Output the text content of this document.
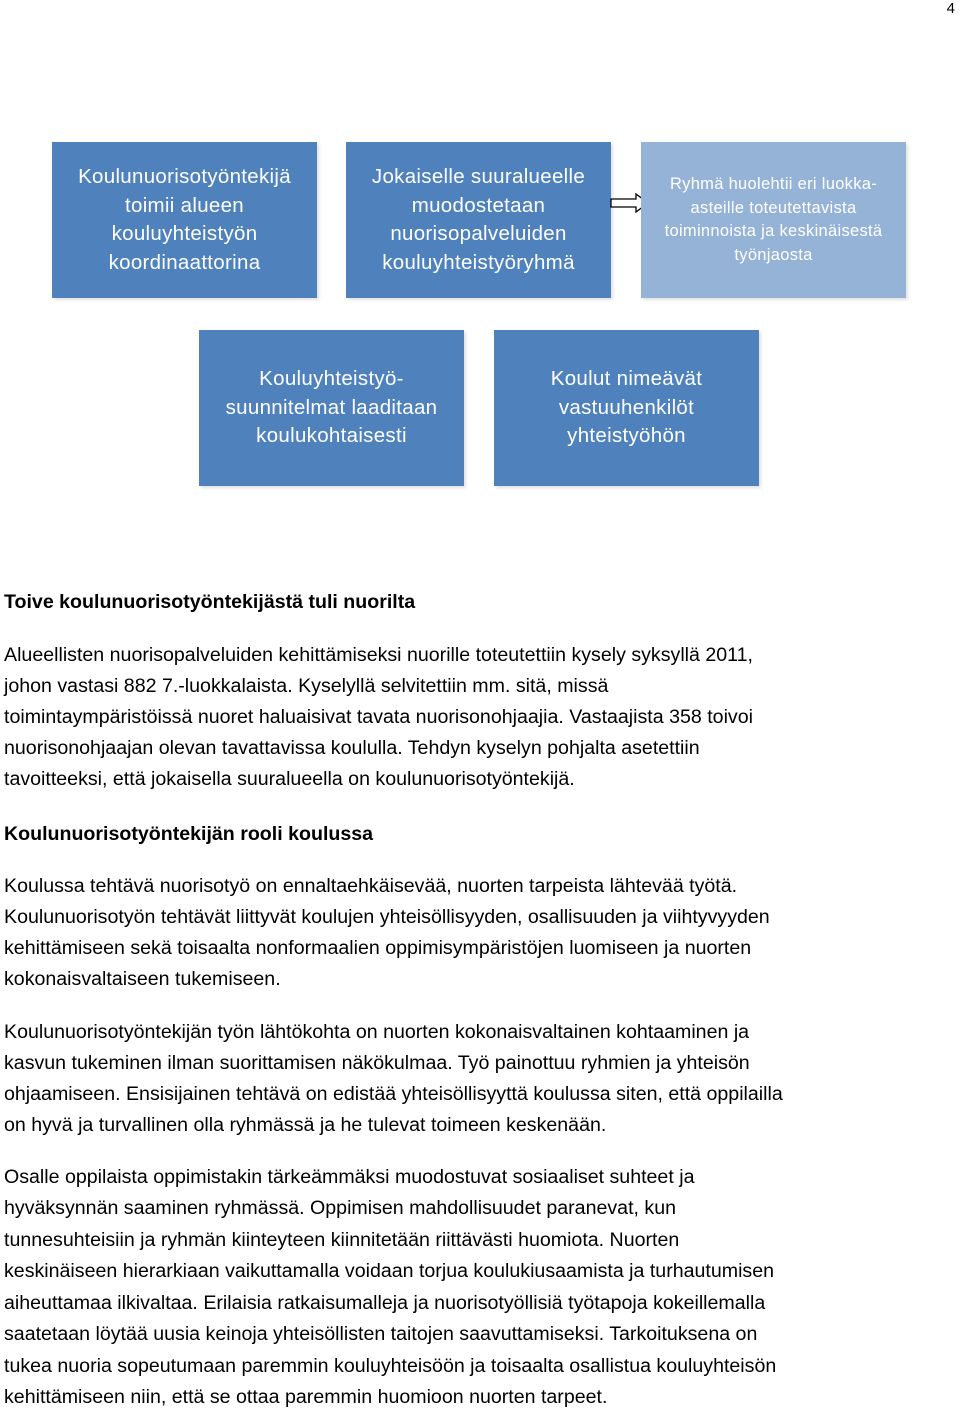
4
Koulunuorisotyöntekijä
toimii alueen
kouluyhteistyön
koordinaattorina
Jokaiselle suuralueelle
muodostetaan
nuorisopalveluiden
kouluyhteistyöryhmä
Ryhmä huolehtii eri luokka-
asteille toteutettavista
toiminnoista ja keskinäisestä
työnjaosta
Kouluyhteistyö-
suunnitelmat laaditaan
koulukohtaisesti
Koulut nimeävät
vastuuhenkilöt
yhteistyöhön
Toive koulunuorisotyöntekijästä tuli nuorilta

Alueellisten nuorisopalveluiden kehittämiseksi nuorille toteutettiin kysely syksyllä 2011,

johon vastasi 882 7.-luokkalaista. Kyselyllä selvitettiin mm. sitä, missä

toimintaympäristöissä nuoret haluaisivat tavata nuorisonohjaajia. Vastaajista 358 toivoi

nuorisonohjaajan olevan tavattavissa koululla. Tehdyn kyselyn pohjalta asetettiin

tavoitteeksi, että jokaisella suuralueella on koulunuorisotyöntekijä.

Koulunuorisotyöntekijän rooli koulussa

Koulussa tehtävä nuorisotyö on ennaltaehkäisevää, nuorten tarpeista lähtevää työtä.

Koulunuorisotyön tehtävät liittyvät koulujen yhteisöllisyyden, osallisuuden ja viihtyvyyden

kehittämiseen sekä toisaalta nonformaalien oppimisympäristöjen luomiseen ja nuorten

kokonaisvaltaiseen tukemiseen.

Koulunuorisotyöntekijän työn lähtökohta on nuorten kokonaisvaltainen kohtaaminen ja

kasvun tukeminen ilman suorittamisen näkökulmaa. Työ painottuu ryhmien ja yhteisön

ohjaamiseen. Ensisijainen tehtävä on edistää yhteisöllisyyttä koulussa siten, että oppilailla

on hyvä ja turvallinen olla ryhmässä ja he tulevat toimeen keskenään.

Osalle oppilaista oppimistakin tärkeämmäksi muodostuvat sosiaaliset suhteet ja

hyväksynnän saaminen ryhmässä. Oppimisen mahdollisuudet paranevat, kun

tunnesuhteisiin ja ryhmän kiinteyteen kiinnitetään riittävästi huomiota. Nuorten

keskinäiseen hierarkiaan vaikuttamalla voidaan torjua koulukiusaamista ja turhautumisen

aiheuttamaa ilkivaltaa. Erilaisia ratkaisumalleja ja nuorisotyöllisiä työtapoja kokeillemalla

saatetaan löytää uusia keinoja yhteisöllisten taitojen saavuttamiseksi. Tarkoituksena on

tukea nuoria sopeutumaan paremmin kouluyhteisöön ja toisaalta osallistua kouluyhteisön

kehittämiseen niin, että se ottaa paremmin huomioon nuorten tarpeet.
